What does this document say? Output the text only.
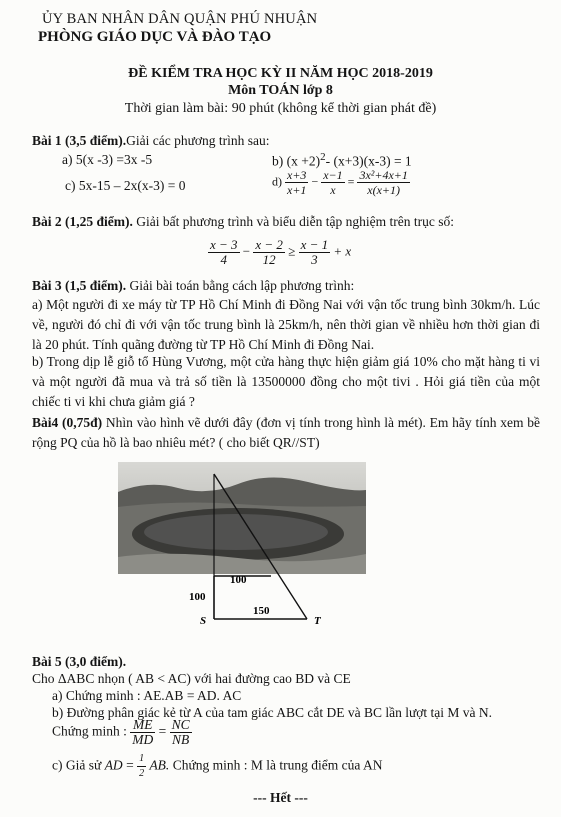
ỦY BAN NHÂN DÂN QUẬN PHÚ NHUẬN
PHÒNG GIÁO DỤC VÀ ĐÀO TẠO
ĐỀ KIỂM TRA HỌC KỲ II NĂM HỌC 2018-2019
Môn TOÁN lớp 8
Thời gian làm bài: 90 phút (không kể thời gian phát đề)
Bài 1 (3,5 điểm).Giải các phương trình sau:
a) 5(x -3) =3x -5	b) $(x +2)^2-$ (x+3)(x-3) = 1
c) 5x-15 – 2x(x-3) = 0	$d) \frac{x+3}{x+1} - \frac{x-1}{x} = \frac{\text{3x²+4x+1}}{x(x+1)}$
Bài 2 (1,25 điểm). Giải bất phương trình và biểu diễn tập nghiệm trên trục số:
$\frac{x - 3}{4} - \frac{x - 2}{12} \ge \frac{x - 1}{3} + x$
Bài 3 (1,5 điểm). Giải bài toán bằng cách lập phương trình:
a) Một người đi xe máy từ TP Hồ Chí Minh đi Đồng Nai với vận tốc trung bình 30km/h. Lúc về, người đó chỉ đi với vận tốc trung bình là 25km/h, nên thời gian về nhiều hơn thời gian đi là 20 phút. Tính quãng đường từ TP Hồ Chí Minh đi Đồng Nai.
b) Trong dịp lễ giỗ tổ Hùng Vương, một cửa hàng thực hiện giảm giá 10% cho mặt hàng ti vi và một người đã mua và trả số tiền là 13500000 đồng cho một tivi . Hỏi giá tiền của một chiếc ti vi khi chưa giảm giá ?
Bài4 (0,75đ) Nhìn vào hình vẽ dưới đây (đơn vị tính trong hình là mét). Em hãy tính xem bề rộng PQ của hồ là bao nhiêu mét? ( cho biết QR//ST)
100
100
150
S	T
Bài 5 (3,0 điểm).
Cho ΔABC nhọn ( AB < AC) với hai đường cao BD và CE
a) Chứng minh : AE.AB = AD. AC
b) Đường phân giác kẻ từ A của tam giác ABC cắt DE và BC lần lượt tại M và N.
Chứng minh : $\frac{ME}{MD} = \frac{NC}{NB}$
c) Giả sử AD = $\frac{1}{2}$ AB. Chứng minh : M là trung điểm của AN
--- Hết ---
